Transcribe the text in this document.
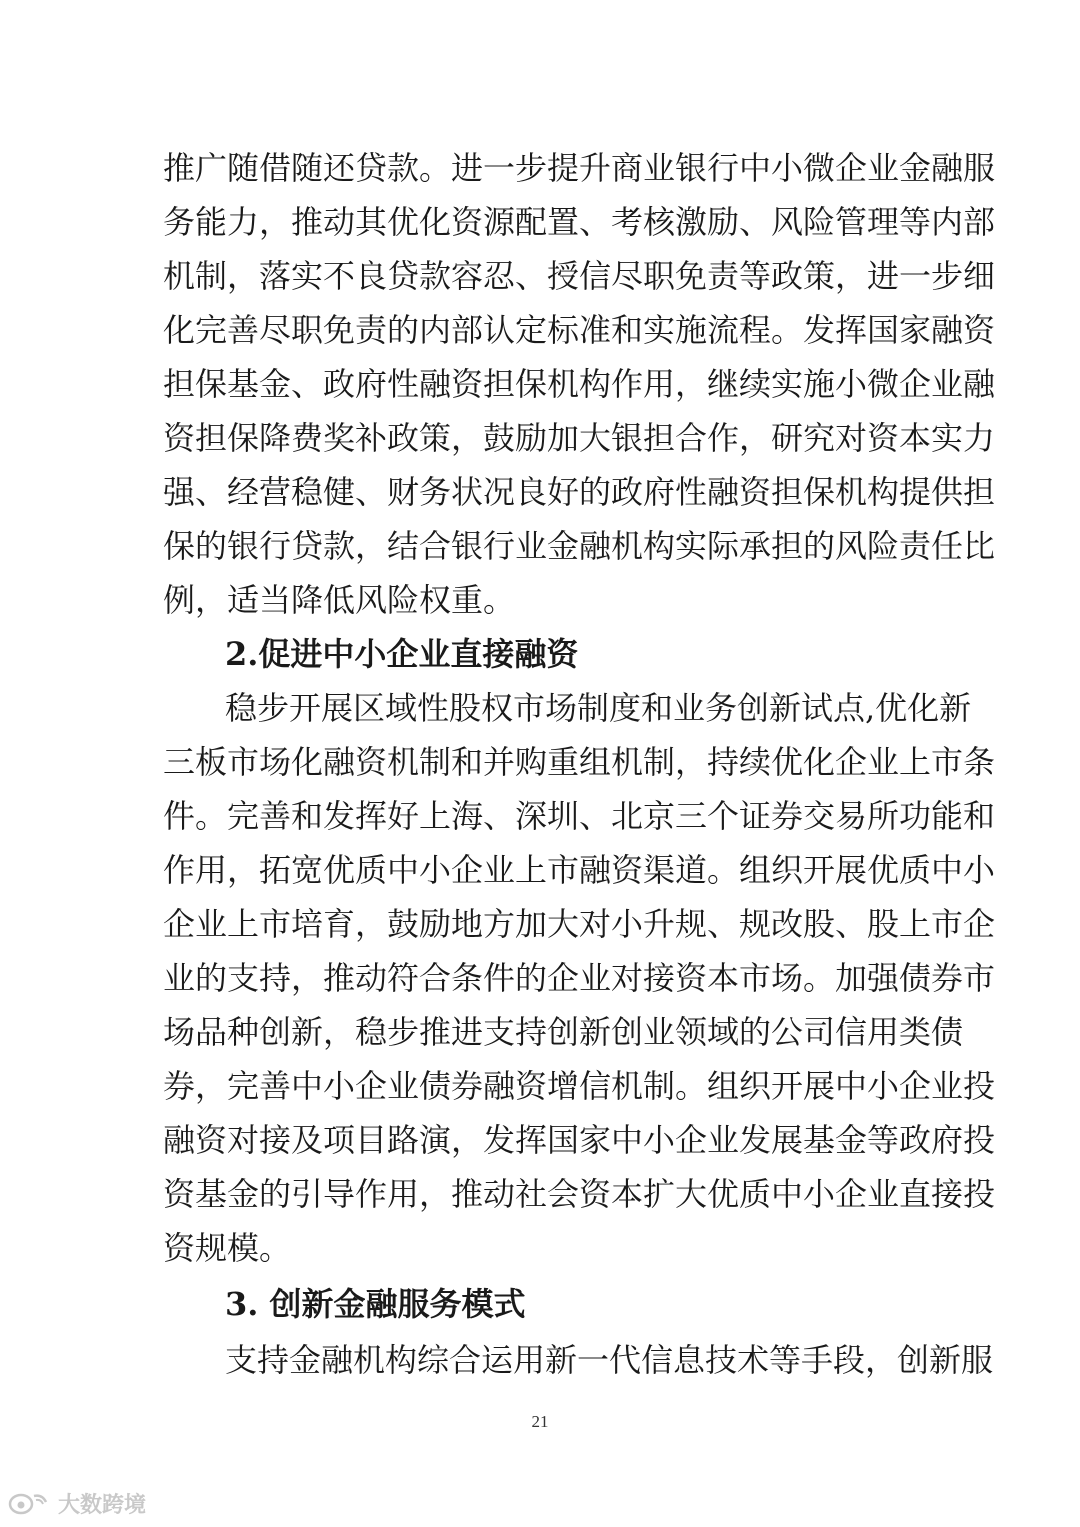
推广随借随还贷款。进一步提升商业银行中小微企业金融服
务能力，推动其优化资源配置、考核激励、风险管理等内部
机制，落实不良贷款容忍、授信尽职免责等政策，进一步细
化完善尽职免责的内部认定标准和实施流程。发挥国家融资
担保基金、政府性融资担保机构作用，继续实施小微企业融
资担保降费奖补政策，鼓励加大银担合作，研究对资本实力
强、经营稳健、财务状况良好的政府性融资担保机构提供担
保的银行贷款，结合银行业金融机构实际承担的风险责任比
例，适当降低风险权重。
2.促进中小企业直接融资
稳步开展区域性股权市场制度和业务创新试点,优化新
三板市场化融资机制和并购重组机制，持续优化企业上市条
件。完善和发挥好上海、深圳、北京三个证券交易所功能和
作用，拓宽优质中小企业上市融资渠道。组织开展优质中小
企业上市培育，鼓励地方加大对小升规、规改股、股上市企
业的支持，推动符合条件的企业对接资本市场。加强债券市
场品种创新，稳步推进支持创新创业领域的公司信用类债
券，完善中小企业债券融资增信机制。组织开展中小企业投
融资对接及项目路演，发挥国家中小企业发展基金等政府投
资基金的引导作用，推动社会资本扩大优质中小企业直接投
资规模。
3. 创新金融服务模式
支持金融机构综合运用新一代信息技术等手段，创新服
21
大数跨境
